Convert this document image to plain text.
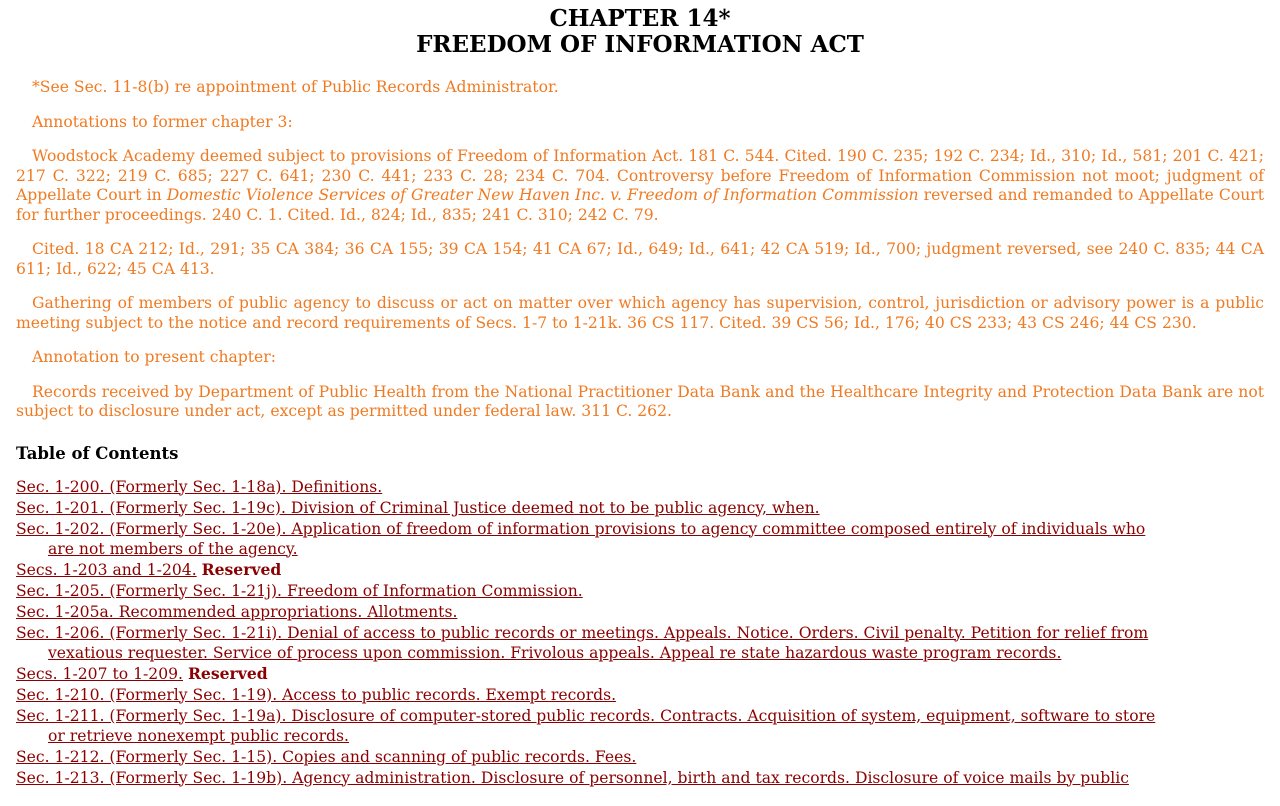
CHAPTER 14*
FREEDOM OF INFORMATION ACT

*See Sec. 11-8(b) re appointment of Public Records Administrator.

Annotations to former chapter 3:

Woodstock Academy deemed subject to provisions of Freedom of Information Act. 181 C. 544. Cited. 190 C. 235; 192 C. 234; Id., 310; Id., 581; 201 C. 421; 217 C. 322; 219 C. 685; 227 C. 641; 230 C. 441; 233 C. 28; 234 C. 704. Controversy before Freedom of Information Commission not moot; judgment of Appellate Court in Domestic Violence Services of Greater New Haven Inc. v. Freedom of Information Commission reversed and remanded to Appellate Court for further proceedings. 240 C. 1. Cited. Id., 824; Id., 835; 241 C. 310; 242 C. 79.

Cited. 18 CA 212; Id., 291; 35 CA 384; 36 CA 155; 39 CA 154; 41 CA 67; Id., 649; Id., 641; 42 CA 519; Id., 700; judgment reversed, see 240 C. 835; 44 CA 611; Id., 622; 45 CA 413.

Gathering of members of public agency to discuss or act on matter over which agency has supervision, control, jurisdiction or advisory power is a public meeting subject to the notice and record requirements of Secs. 1-7 to 1-21k. 36 CS 117. Cited. 39 CS 56; Id., 176; 40 CS 233; 43 CS 246; 44 CS 230.

Annotation to present chapter:

Records received by Department of Public Health from the National Practitioner Data Bank and the Healthcare Integrity and Protection Data Bank are not subject to disclosure under act, except as permitted under federal law. 311 C. 262.

Table of Contents
Sec. 1-200. (Formerly Sec. 1-18a). Definitions.
Sec. 1-201. (Formerly Sec. 1-19c). Division of Criminal Justice deemed not to be public agency, when.
Sec. 1-202. (Formerly Sec. 1-20e). Application of freedom of information provisions to agency committee composed entirely of individuals who are not members of the agency.
Secs. 1-203 and 1-204. Reserved
Sec. 1-205. (Formerly Sec. 1-21j). Freedom of Information Commission.
Sec. 1-205a. Recommended appropriations. Allotments.
Sec. 1-206. (Formerly Sec. 1-21i). Denial of access to public records or meetings. Appeals. Notice. Orders. Civil penalty. Petition for relief from vexatious requester. Service of process upon commission. Frivolous appeals. Appeal re state hazardous waste program records.
Secs. 1-207 to 1-209. Reserved
Sec. 1-210. (Formerly Sec. 1-19). Access to public records. Exempt records.
Sec. 1-211. (Formerly Sec. 1-19a). Disclosure of computer-stored public records. Contracts. Acquisition of system, equipment, software to store or retrieve nonexempt public records.
Sec. 1-212. (Formerly Sec. 1-15). Copies and scanning of public records. Fees.
Sec. 1-213. (Formerly Sec. 1-19b). Agency administration. Disclosure of personnel, birth and tax records. Disclosure of voice mails by public
